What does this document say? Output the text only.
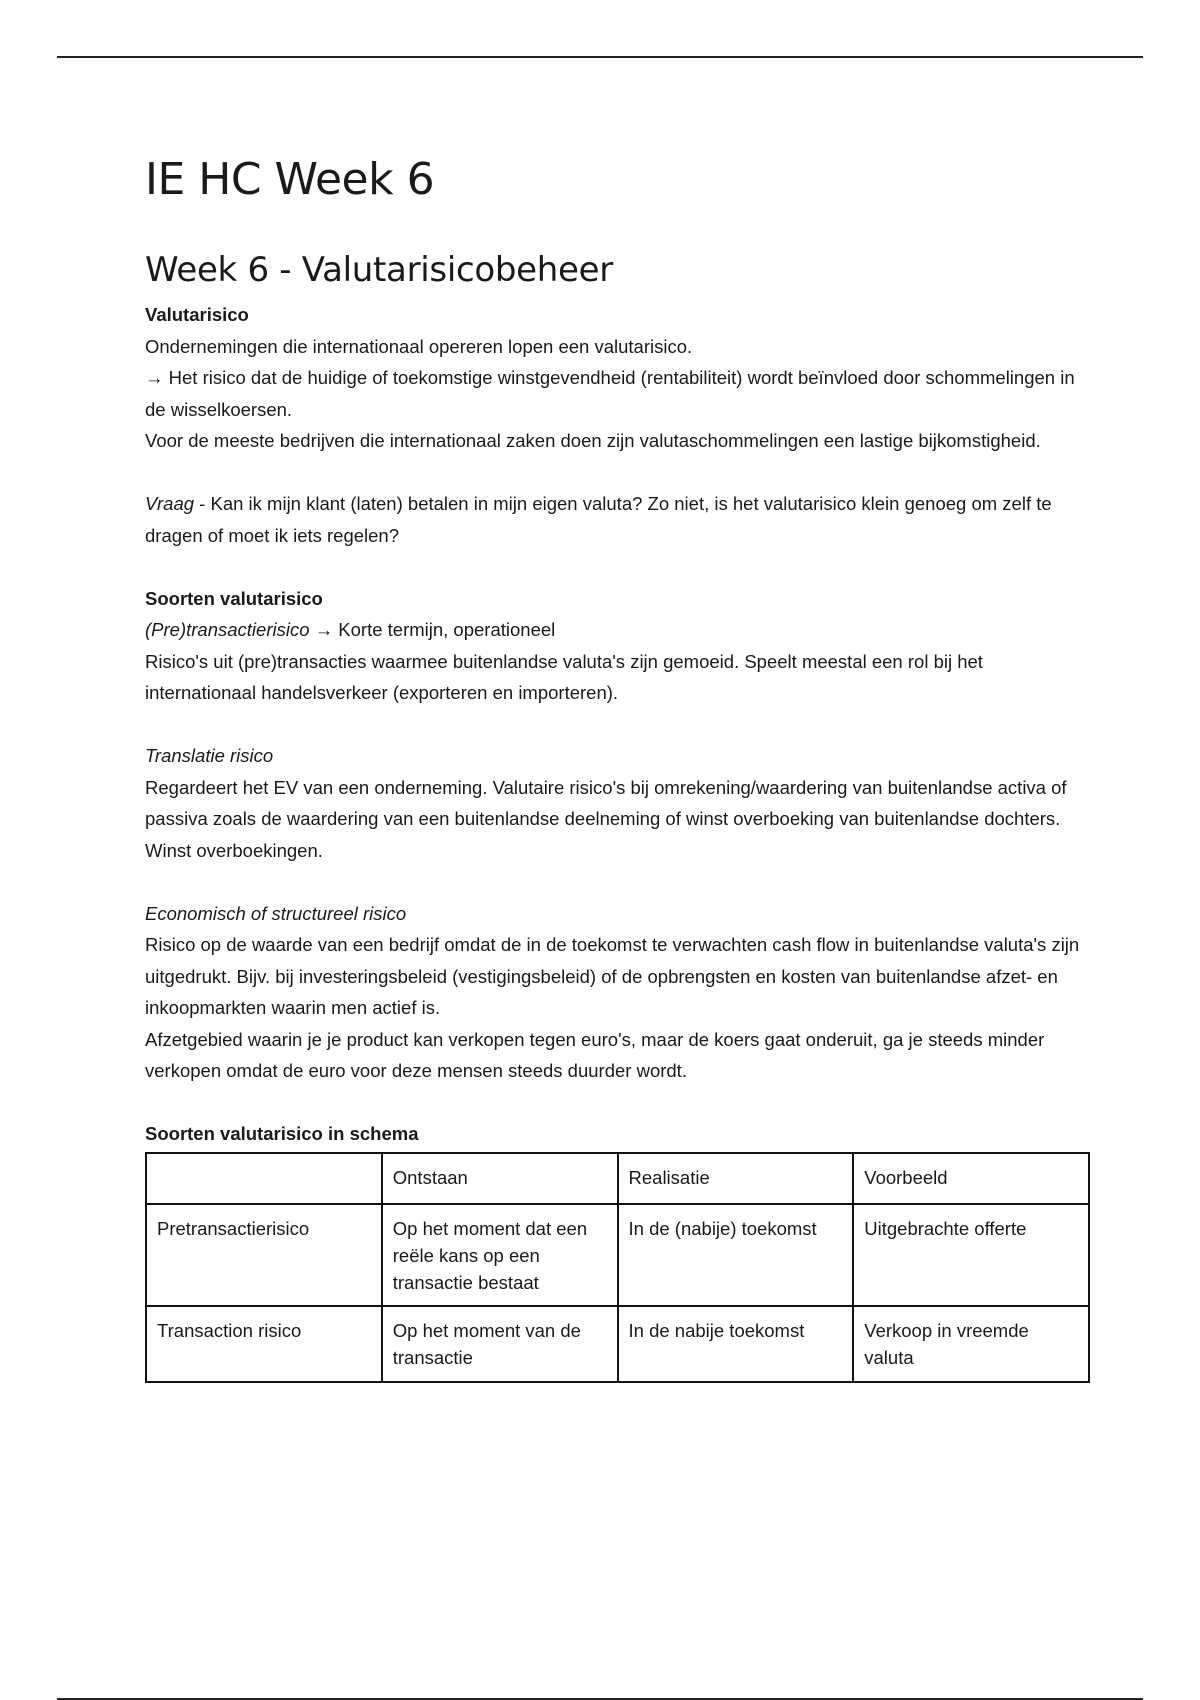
IE HC Week 6
Week 6 - Valutarisicobeheer

Valutarisico

Ondernemingen die internationaal opereren lopen een valutarisico.

→ Het risico dat de huidige of toekomstige winstgevendheid (rentabiliteit) wordt beïnvloed door schommelingen in de wisselkoersen.

Voor de meeste bedrijven die internationaal zaken doen zijn valutaschommelingen een lastige bijkomstigheid.

Vraag - Kan ik mijn klant (laten) betalen in mijn eigen valuta? Zo niet, is het valutarisico klein genoeg om zelf te dragen of moet ik iets regelen?

Soorten valutarisico

(Pre)transactierisico → Korte termijn, operationeel

Risico's uit (pre)transacties waarmee buitenlandse valuta's zijn gemoeid. Speelt meestal een rol bij het internationaal handelsverkeer (exporteren en importeren).

Translatie risico

Regardeert het EV van een onderneming. Valutaire risico's bij omrekening/waardering van buitenlandse activa of passiva zoals de waardering van een buitenlandse deelneming of winst overboeking van buitenlandse dochters.

Winst overboekingen.

Economisch of structureel risico

Risico op de waarde van een bedrijf omdat de in de toekomst te verwachten cash flow in buitenlandse valuta's zijn uitgedrukt. Bijv. bij investeringsbeleid (vestigingsbeleid) of de opbrengsten en kosten van buitenlandse afzet- en inkoopmarkten waarin men actief is.

Afzetgebied waarin je je product kan verkopen tegen euro's, maar de koers gaat onderuit, ga je steeds minder verkopen omdat de euro voor deze mensen steeds duurder wordt.

Soorten valutarisico in schema

	Ontstaan	Realisatie	Voorbeeld
Pretransactierisico	Op het moment dat een reële kans op een transactie bestaat	In de (nabije) toekomst	Uitgebrachte offerte
Transaction risico	Op het moment van de transactie	In de nabije toekomst	Verkoop in vreemde valuta
